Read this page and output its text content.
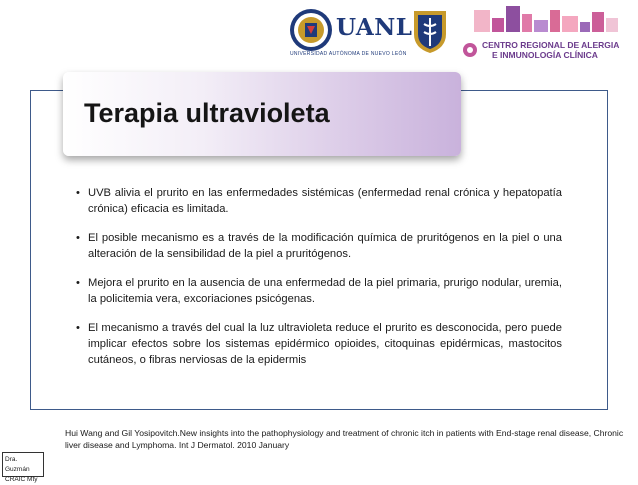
UANL
UNIVERSIDAD AUTÓNOMA DE NUEVO LEÓN
CENTRO REGIONAL DE ALERGIA
E INMUNOLOGÍA CLÍNICA
Terapia ultravioleta
• UVB alivia el prurito en las enfermedades sistémicas (enfermedad renal crónica y hepatopatía crónica) eficacia es limitada.
• El posible mecanismo es a través de la modificación química de pruritógenos en la piel o una alteración de la sensibilidad de la piel a pruritógenos.
• Mejora el prurito en la ausencia de una enfermedad de la piel primaria, prurigo nodular, uremia, la policitemia vera, excoriaciones psicógenas.
• El mecanismo a través del cual la luz ultravioleta reduce el prurito es desconocida, pero puede implicar efectos sobre los sistemas epidérmico opioides, citoquinas epidérmicas, mastocitos cutáneos, o fibras nerviosas de la epidermis
Hui Wang and Gil Yosipovitch.New insights into the pathophysiology and treatment of chronic itch in patients with End-stage renal disease, Chronic liver disease and Lymphoma. Int J Dermatol. 2010 January
Dra. Guzmán
CRAIC Mty
